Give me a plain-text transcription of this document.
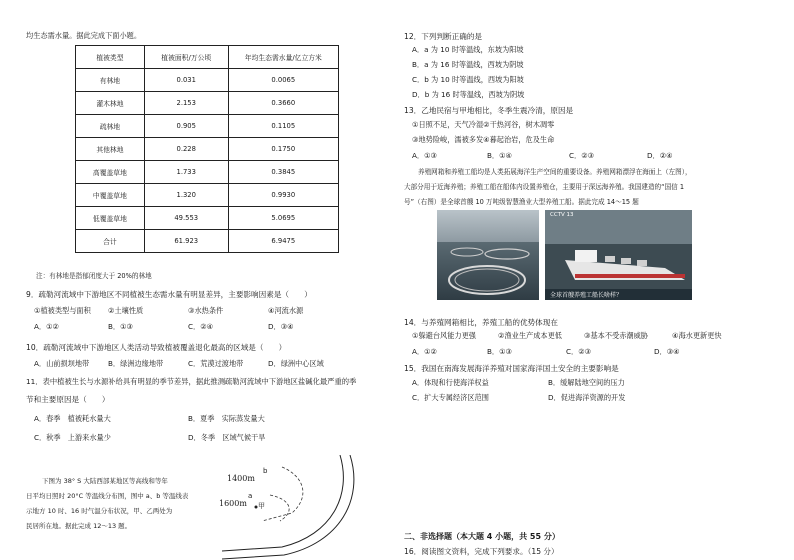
均生态需水量。据此完成下面小题。
植被类型	植被面积/万公顷	年均生态需水量/亿立方米
有林地	0.031	0.0065
灌木林地	2.153	0.3660
疏林地	0.905	0.1105
其他林地	0.228	0.1750
高覆盖草地	1.733	0.3845
中覆盖草地	1.320	0.9930
低覆盖草地	49.553	5.0695
合计	61.923	6.9475
注：有林地是指郁闭度大于 20%的林地
9．疏勒河流域中下游地区不同植被生态需水量有明显差异，主要影响因素是（　　）
①植被类型与面积 ②土壤性质	③水热条件	④河流水源
A．①②	B．①③	C．②④	D．③④
10．疏勒河流域中下游地区人类活动导致植被覆盖退化最高的区域是（　　）
A．山前损坝地带	B．绿洲边缘地带	C．荒漠过渡地带	D．绿洲中心区域
11．表中植被生长与水源补给具有明显的季节差异，据此推测疏勒河流域中下游地区盐碱化最严重的季
节和主要原因是（　　）
A．春季　植被耗水量大	B．夏季　实际蒸发量大
C．秋季　上游来水量少	D．冬季　区域气候干旱
下图为 38° S 大陆西部某地区等高线和等年
日平均日照时 20°C 等温线分布图，图中 a、b 等温线表
示地方 10 时、16 时气温分布状况，甲、乙两处为
民居所在地。据此完成 12～13 题。
1400m
1600m
b
a
甲
12．下列判断正确的是
A．a 为 10 时等温线，东坡为阳坡
B．a 为 16 时等温线，西坡为阴坡
C．b 为 10 时等温线，西坡为阳坡
D．b 为 16 时等温线，西坡为阴坡
13．乙地民宿与甲地相比，冬季生震冷清，原因是
①日照不足，天气冷湿②干热河谷，树木凋零
③地势险峻，濡被多发④暮起治岩，危及生命
A．①③	B．①④	C．②③	D．②④
养殖网箱和养殖工船均是人类拓展海洋生产空间的重要设备。养殖网箱漂浮在海面上（左图），
大部分用于近海养殖；养殖工船在船体内设置养殖仓，主要用于深远海养殖。我国建造的“国信 1
号”（右图）是全球首艘 10 万吨级智慧渔业大型养殖工船。据此完成 14～15 题
CCTV 13
全球首艘养殖工船长啥样？
14．与养殖网箱相比，养殖工船的优势体现在
①躲避台风能力更强	②渔业生产成本更低	③基本不受赤潮威胁	④海水更新更快
A．①②	B．①③	C．②③	D．③④
15．我国在南海发展海洋养殖对国家海洋国土安全的主要影响是
A．体现和行使海洋权益	B．缓解陆地空间的压力
C．扩大专属经济区范围	D．促进海洋资源的开发
二、非选择题（本大题 4 小题，共 55 分）
16．阅读图文资料，完成下列要求。（15 分）
